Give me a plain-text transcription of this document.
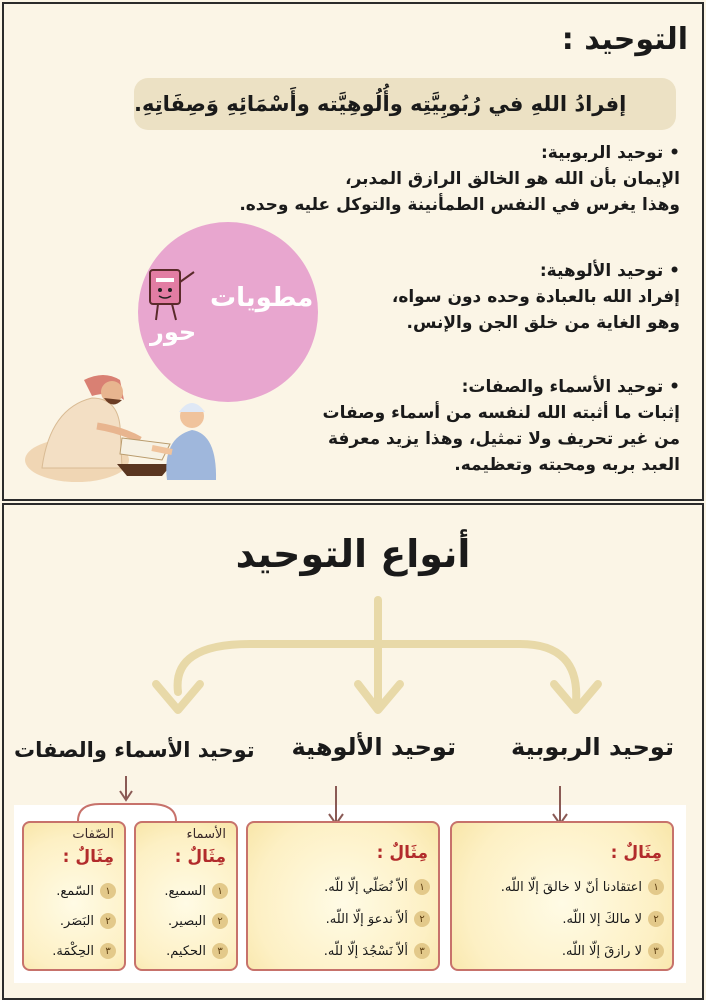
التوحيد :
إفرادُ اللهِ في رُبُوبِيَّتِه وأُلُوهِيَّته وأَسْمَائِهِ وَصِفَاتِهِ.
• توحيد الربوبية:
الإيمان بأن الله هو الخالق الرازق المدبر،
وهذا يغرس في النفس الطمأنينة والتوكل عليه وحده.
• توحيد الألوهية:
إفراد الله بالعبادة وحده دون سواه،
وهو الغاية من خلق الجن والإنس.
• توحيد الأسماء والصفات:
إثبات ما أثبته الله لنفسه من أسماء وصفات
من غير تحريف ولا تمثيل، وهذا يزيد معرفة
العبد بربه ومحبته وتعظيمه.
مطويات
حور
أنواع التوحيد
توحيد الربوبية
توحيد الألوهية
توحيد الأسماء والصفات
مِثَالٌ :
١
اعتقادنا أنّ لا خالقَ إلّا اللّه.
٢
لا مالكَ إلا اللّه.
٣
لا رازقَ إلّا اللّه.
مِثَالٌ :
١
ألاّ نُصَلّي إلّا للّه.
٢
ألاّ ندعوَ إلّا اللّه.
٣
ألاّ نَسْجُدَ إلّا للّه.
الأسماء
مِثَالٌ :
١
السميع.
٢
البصير.
٣
الحكيم.
الصّفات
مِثَالٌ :
١
السّمع.
٢
البَصَر.
٣
الحِكْمَة.
